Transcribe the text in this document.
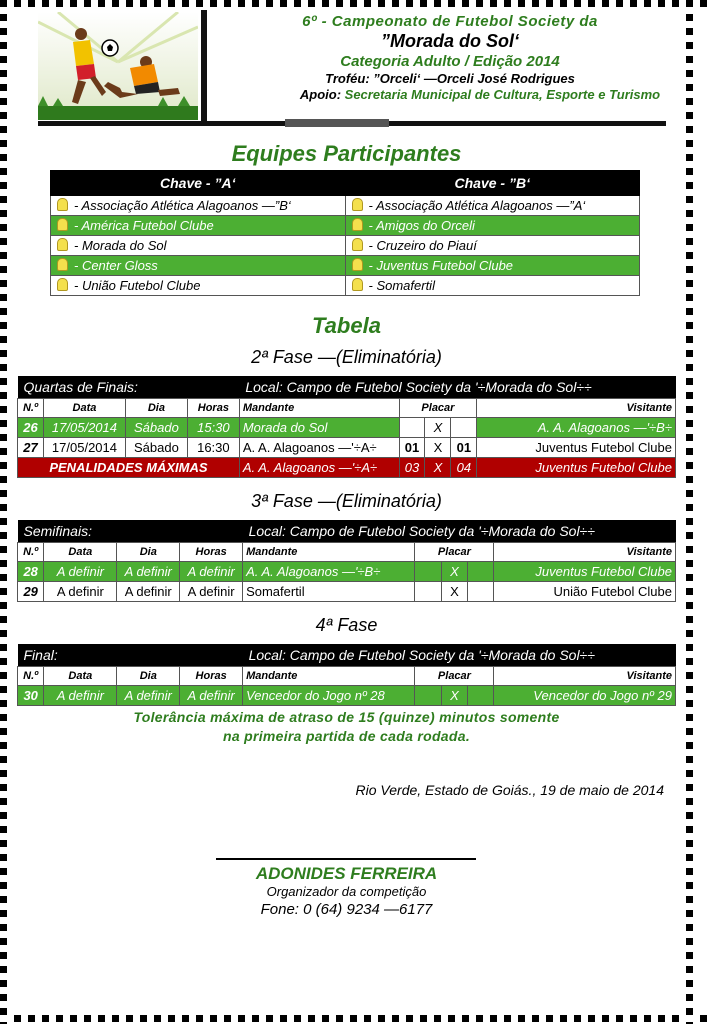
6º - Campeonato de Futebol Society da
”Morada do Sol‘
Categoria Adulto / Edição 2014
Troféu: ”Orceli‘ —Orceli José Rodrigues
Apoio: Secretaria Municipal de Cultura, Esporte e Turismo
Equipes Participantes
Chave - ”A‘	Chave - ”B‘
- Associação Atlética Alagoanos —”B‘	- Associação Atlética Alagoanos —”A‘
- América Futebol Clube	- Amigos do Orceli
- Morada do Sol	- Cruzeiro do Piauí
- Center Gloss	- Juventus Futebol Clube
- União Futebol Clube	- Somafertil
Tabela
2ª Fase —(Eliminatória)
Quartas de Finais:				Local: Campo de Futebol Society da '÷Morada do Sol÷÷				
N.º	Data	Dia	Horas	Mandante	Placar			Visitante
26	17/05/2014	Sábado	15:30	Morada do Sol	01	X	03	A. A. Alagoanos —'÷B÷
27	17/05/2014	Sábado	16:30	A. A. Alagoanos —'÷A÷	01	X	01	Juventus Futebol Clube
PENALIDADES MÁXIMAS				A. A. Alagoanos —'÷A÷	03	X	04	Juventus Futebol Clube
3ª Fase —(Eliminatória)
Semifinais:				Local: Campo de Futebol Society da '÷Morada do Sol÷÷				
N.º	Data	Dia	Horas	Mandante	Placar			Visitante
28	A definir	A definir	A definir	A. A. Alagoanos —'÷B÷		X		Juventus Futebol Clube
29	A definir	A definir	A definir	Somafertil		X		União Futebol Clube
4ª Fase
Final:				Local: Campo de Futebol Society da '÷Morada do Sol÷÷				
N.º	Data	Dia	Horas	Mandante	Placar			Visitante
30	A definir	A definir	A definir	Vencedor do Jogo nº 28		X		Vencedor do Jogo nº 29
Tolerância máxima de atraso de 15 (quinze) minutos somente
na primeira partida de cada rodada.
Rio Verde, Estado de Goiás., 19 de maio de 2014
ADONIDES FERREIRA
Organizador da competição
Fone: 0 (64) 9234 —6177
